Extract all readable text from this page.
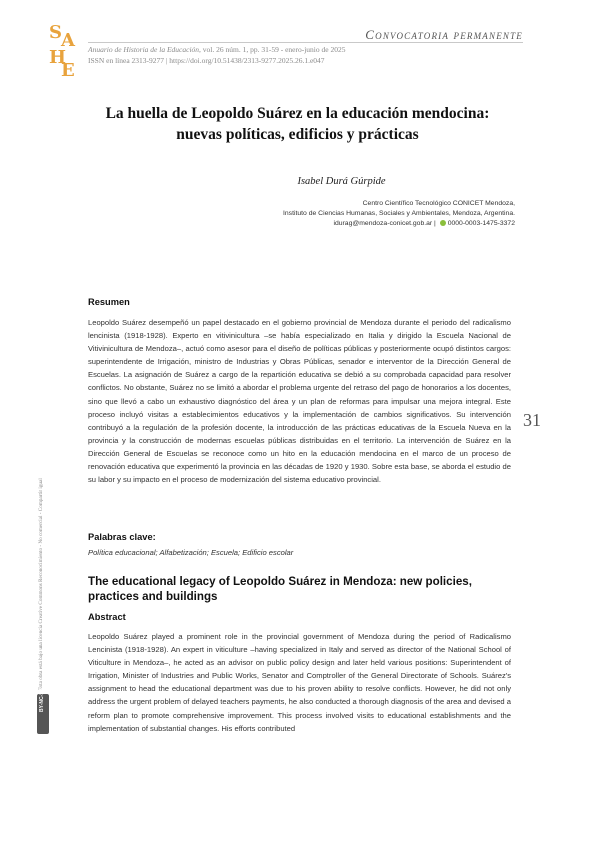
S A
H
E
Convocatoria permanente
Anuario de Historia de la Educación, vol. 26 núm. 1, pp. 31-59 - enero-junio de 2025
ISSN en línea 2313-9277 | https://doi.org/10.51438/2313-9277.2025.26.1.e047
La huella de Leopoldo Suárez en la educación mendocina:
nuevas políticas, edificios y prácticas
Isabel Durá Gúrpide
Centro Científico Tecnológico CONICET Mendoza,
Instituto de Ciencias Humanas, Sociales y Ambientales, Mendoza, Argentina.
idurag@mendoza-conicet.gob.ar | 0000-0003-1475-3372
Resumen

Leopoldo Suárez desempeñó un papel destacado en el gobierno provincial de Mendoza durante el periodo del radicalismo lencinista (1918-1928). Experto en vitivinicultura –se había especializado en Italia y dirigido la Escuela Nacional de Vitivinicultura de Mendoza–, actuó como asesor para el diseño de políticas públicas y posteriormente ocupó distintos cargos: superintendente de Irrigación, ministro de Industrias y Obras Públicas, senador e interventor de la Dirección General de Escuelas. La asignación de Suárez a cargo de la repartición educativa se debió a su comprobada capacidad para resolver conflictos. No obstante, Suárez no se limitó a abordar el problema urgente del retraso del pago de honorarios a los docentes, sino que llevó a cabo un exhaustivo diagnóstico del área y un plan de reformas para impulsar una mejora integral. Este proceso incluyó visitas a establecimientos educativos y la implementación de cambios significativos. Su intervención contribuyó a la regulación de la profesión docente, la introducción de las prácticas educativas de la Escuela Nueva en la provincia y la construcción de modernas escuelas públicas distribuidas en el territorio. La intervención de Suárez en la Dirección General de Escuelas se reconoce como un hito en la educación mendocina en el marco de un proceso de renovación educativa que experimentó la provincia en las décadas de 1920 y 1930. Sobre esta base, se aborda el estudio de su labor y su impacto en el proceso de modernización del sistema educativo provincial.

Palabras clave:
Política educacional; Alfabetización; Escuela; Edificio escolar
The educational legacy of Leopoldo Suárez in Mendoza: new policies, practices and buildings
Abstract

Leopoldo Suárez played a prominent role in the provincial government of Mendoza during the period of Radicalismo Lencinista (1918-1928). An expert in viticulture –having specialized in Italy and served as director of the National School of Viticulture in Mendoza–, he acted as an advisor on public policy design and later held various positions: Superintendent of Irrigation, Minister of Industries and Public Works, Senator and Comptroller of the General Directorate of Schools. Suárez's assignment to head the educational department was due to his proven ability to resolve conflicts. However, he did not only address the urgent problem of delayed teachers payments, he also conducted a thorough diagnosis of the area and devised a reform plan to promote comprehensive improvement. This process involved visits to educational establishments and the implementation of substantial changes. His efforts contributed

31
Esta obra está bajo una licencia Creative Commons Reconocimiento - No comercial - Compartir igual
BY-NC-SA
